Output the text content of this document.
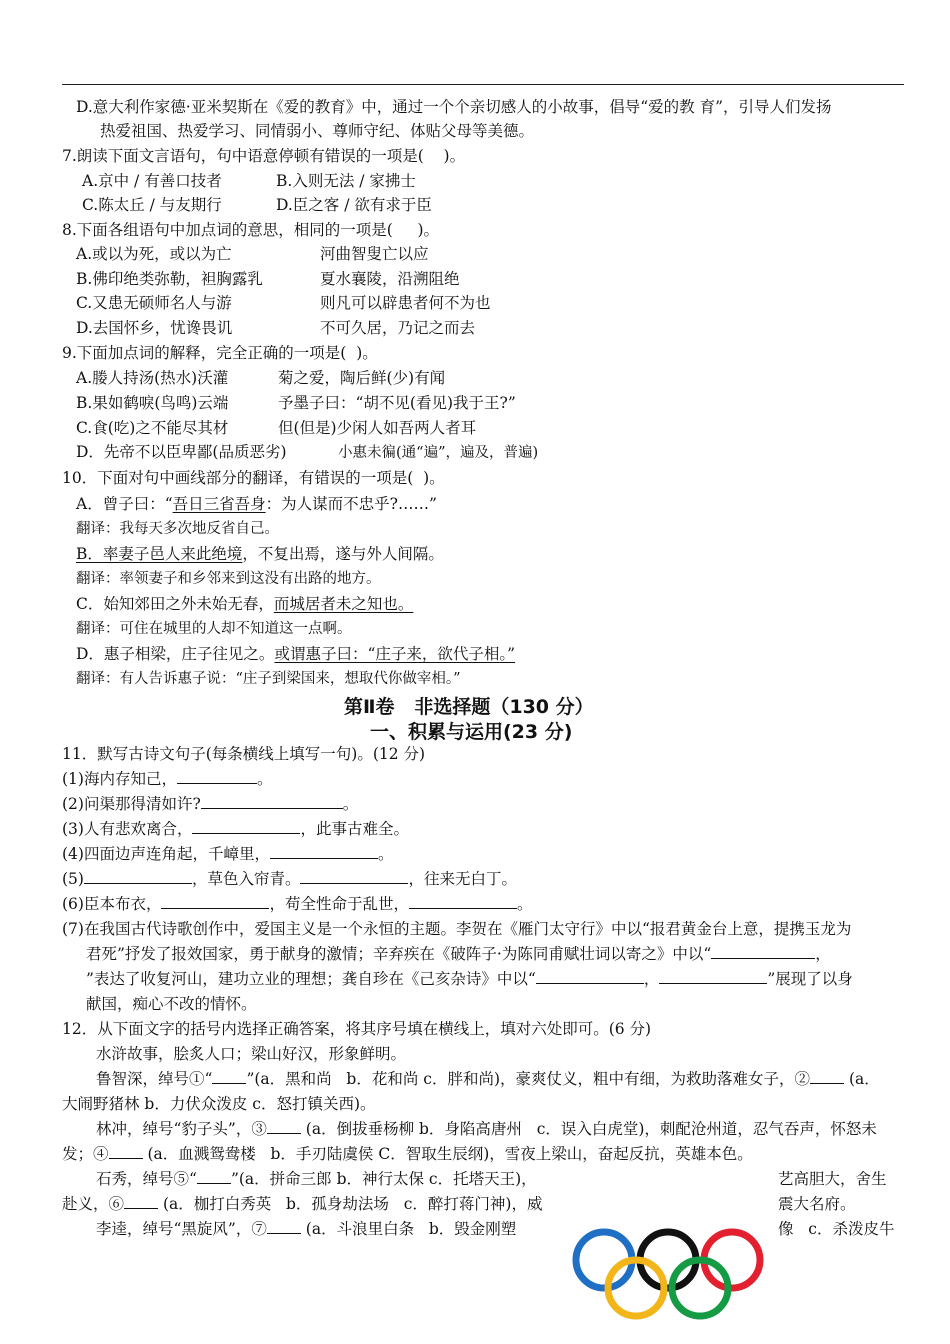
D.意大利作家德·亚米契斯在《爱的教育》中，通过一个个亲切感人的小故事，倡导“爱的教 育”，引导人们发扬
热爱祖国、热爱学习、同情弱小、尊师守纪、体贴父母等美德。
7.朗读下面文言语句，句中语意停顿有错误的一项是(    )。
A.京中 / 有善口技者	B.入则无法 / 家拂士
C.陈太丘 / 与友期行	D.臣之客 / 欲有求于臣
8.下面各组语句中加点词的意思，相同的一项是(     )。
A.或以为死，或以为亡	河曲智叟亡以应
B.佛印绝类弥勒，袒胸露乳	夏水襄陵，沿溯阻绝
C.又患无硕师名人与游	则凡可以辟患者何不为也
D.去国怀乡，忧谗畏讥	不可久居，乃记之而去
9.下面加点词的解释，完全正确的一项是(  )。
A.媵人持汤(热水)沃灌	菊之爱，陶后鲜(少)有闻
B.果如鹤唳(鸟鸣)云端	予墨子曰：“胡不见(看见)我于王?”
C.食(吃)之不能尽其材	但(但是)少闲人如吾两人者耳
D．先帝不以臣卑鄙(品质恶劣)	小惠未徧(通“遍”，遍及，普遍)
10．下面对句中画线部分的翻译，有错误的一项是(  )。
A．曾子曰：“吾日三省吾身：为人谋而不忠乎?……”
翻译：我每天多次地反省自己。
B．率妻子邑人来此绝境，不复出焉，遂与外人间隔。
翻译：率领妻子和乡邻来到这没有出路的地方。
C．始知郊田之外未始无春，而城居者未之知也。
翻译：可住在城里的人却不知道这一点啊。
D．惠子相梁，庄子往见之。或谓惠子曰：“庄子来，欲代子相。”
翻译：有人告诉惠子说：“庄子到梁国来，想取代你做宰相。”
第Ⅱ卷   非选择题（130 分）
一、积累与运用(23 分)
11．默写古诗文句子(每条横线上填写一句)。(12 分)
(1)海内存知己，	。
(2)问渠那得清如许?	。
(3)人有悲欢离合，	，此事古难全。
(4)四面边声连角起，千嶂里，	。
(5)	，草色入帘青。	，往来无白丁。
(6)臣本布衣，	，苟全性命于乱世，	。
(7)在我国古代诗歌创作中，爱国主义是一个永恒的主题。李贺在《雁门太守行》中以“报君黄金台上意，提携玉龙为
君死”抒发了报效国家，勇于献身的激情；辛弃疾在《破阵子·为陈同甫赋壮词以寄之》中以“	，
”表达了收复河山，建功立业的理想；龚自珍在《己亥杂诗》中以“	，	”展现了以身
献国，痴心不改的情怀。
12．从下面文字的括号内选择正确答案，将其序号填在横线上，填对六处即可。(6 分)
水浒故事，脍炙人口；梁山好汉，形象鲜明。
鲁智深，绰号①“ ”(a．黑和尚   b．花和尚 c．胖和尚)，豪爽仗义，粗中有细，为救助落难女子，② (a．
大闹野猪林 b．力伏众泼皮 c．怒打镇关西)。
林冲，绰号“豹子头”，③ (a．倒拔垂杨柳 b．身陷高唐州   c．误入白虎堂)，刺配沧州道，忍气吞声，怀怒未
发；④ (a．血溅鸳鸯楼   b．手刃陆虞侯 C．智取生辰纲)，雪夜上梁山，奋起反抗，英雄本色。
石秀，绰号⑤“ ”(a．拼命三郎 b．神行太保 c．托塔天王)，	艺高胆大，舍生
赴义，⑥ (a．枷打白秀英   b．孤身劫法场   c．醉打蒋门神)，威	震大名府。
李逵，绰号“黑旋风”，⑦ (a．斗浪里白条   b．毁金刚塑	像   c．杀泼皮牛
